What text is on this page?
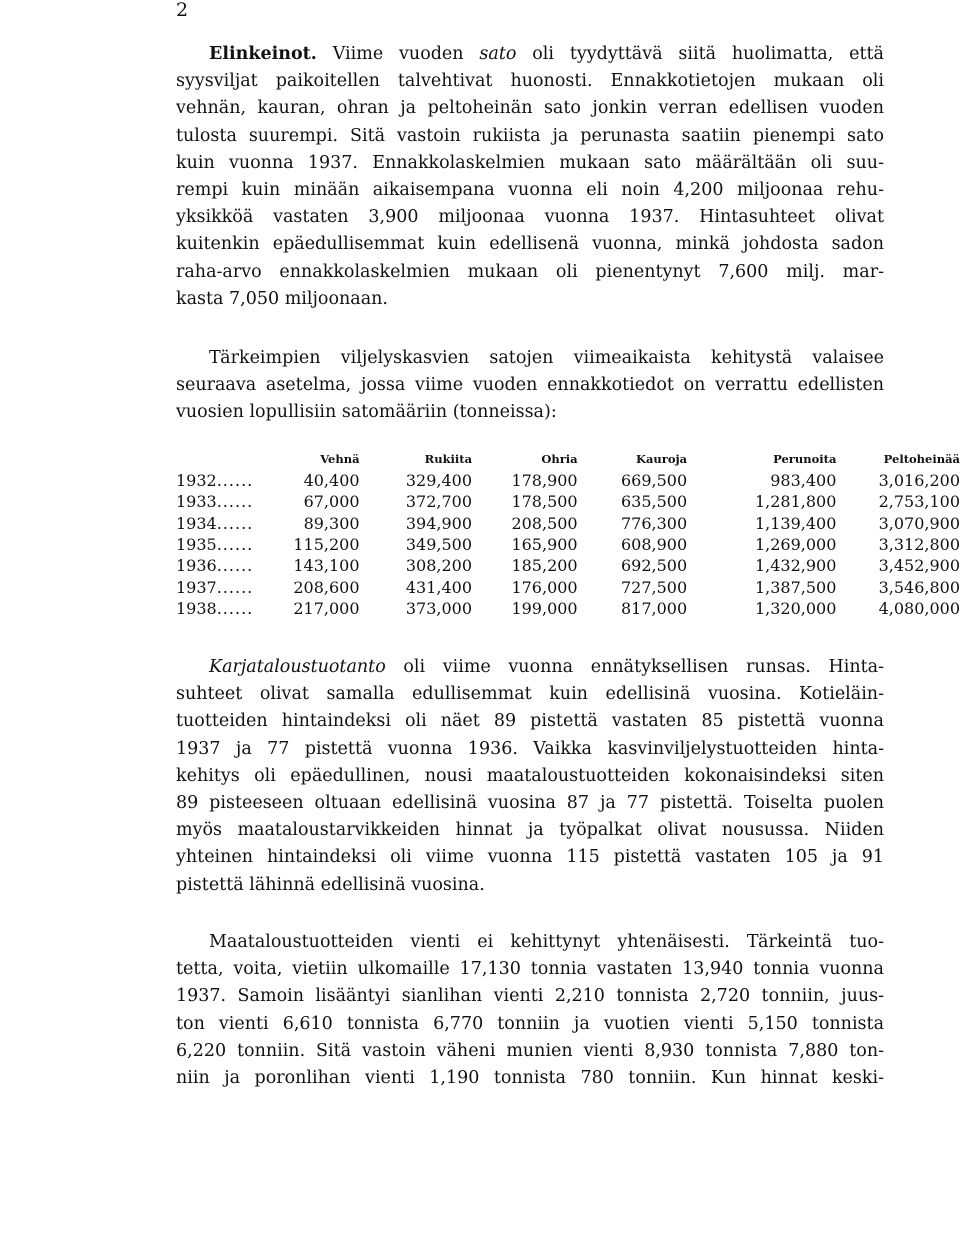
2
Elinkeinot. Viime vuoden sato oli tyydyttävä siitä huolimatta, että
syysviljat paikoitellen talvehtivat huonosti. Ennakkotietojen mukaan oli
vehnän, kauran, ohran ja peltoheinän sato jonkin verran edellisen vuoden
tulosta suurempi. Sitä vastoin rukiista ja perunasta saatiin pienempi sato
kuin vuonna 1937. Ennakkolaskelmien mukaan sato määrältään oli suu-
rempi kuin minään aikaisempana vuonna eli noin 4,200 miljoonaa rehu-
yksikköä vastaten 3,900 miljoonaa vuonna 1937. Hintasuhteet olivat
kuitenkin epäedullisemmat kuin edellisenä vuonna, minkä johdosta sadon
raha-arvo ennakkolaskelmien mukaan oli pienentynyt 7,600 milj. mar-
kasta 7,050 miljoonaan.
Tärkeimpien viljelyskasvien satojen viimeaikaista kehitystä valaisee
seuraava asetelma, jossa viime vuoden ennakkotiedot on verrattu edellisten
vuosien lopullisiin satomääriin (tonneissa):
	Vehnä	Rukiita	Ohria	Kauroja	Perunoita	Peltoheinää
1932......	40,400	329,400	178,900	669,500	983,400	3,016,200
1933......	67,000	372,700	178,500	635,500	1,281,800	2,753,100
1934......	89,300	394,900	208,500	776,300	1,139,400	3,070,900
1935......	115,200	349,500	165,900	608,900	1,269,000	3,312,800
1936......	143,100	308,200	185,200	692,500	1,432,900	3,452,900
1937......	208,600	431,400	176,000	727,500	1,387,500	3,546,800
1938......	217,000	373,000	199,000	817,000	1,320,000	4,080,000
Karjataloustuotanto oli viime vuonna ennätyksellisen runsas. Hinta-
suhteet olivat samalla edullisemmat kuin edellisinä vuosina. Kotieläin-
tuotteiden hintaindeksi oli näet 89 pistettä vastaten 85 pistettä vuonna
1937 ja 77 pistettä vuonna 1936. Vaikka kasvinviljelystuotteiden hinta-
kehitys oli epäedullinen, nousi maataloustuotteiden kokonaisindeksi siten
89 pisteeseen oltuaan edellisinä vuosina 87 ja 77 pistettä. Toiselta puolen
myös maataloustarvikkeiden hinnat ja työpalkat olivat nousussa. Niiden
yhteinen hintaindeksi oli viime vuonna 115 pistettä vastaten 105 ja 91
pistettä lähinnä edellisinä vuosina.
Maataloustuotteiden vienti ei kehittynyt yhtenäisesti. Tärkeintä tuo-
tetta, voita, vietiin ulkomaille 17,130 tonnia vastaten 13,940 tonnia vuonna
1937. Samoin lisääntyi sianlihan vienti 2,210 tonnista 2,720 tonniin, juus-
ton vienti 6,610 tonnista 6,770 tonniin ja vuotien vienti 5,150 tonnista
6,220 tonniin. Sitä vastoin väheni munien vienti 8,930 tonnista 7,880 ton-
niin ja poronlihan vienti 1,190 tonnista 780 tonniin. Kun hinnat keski-
